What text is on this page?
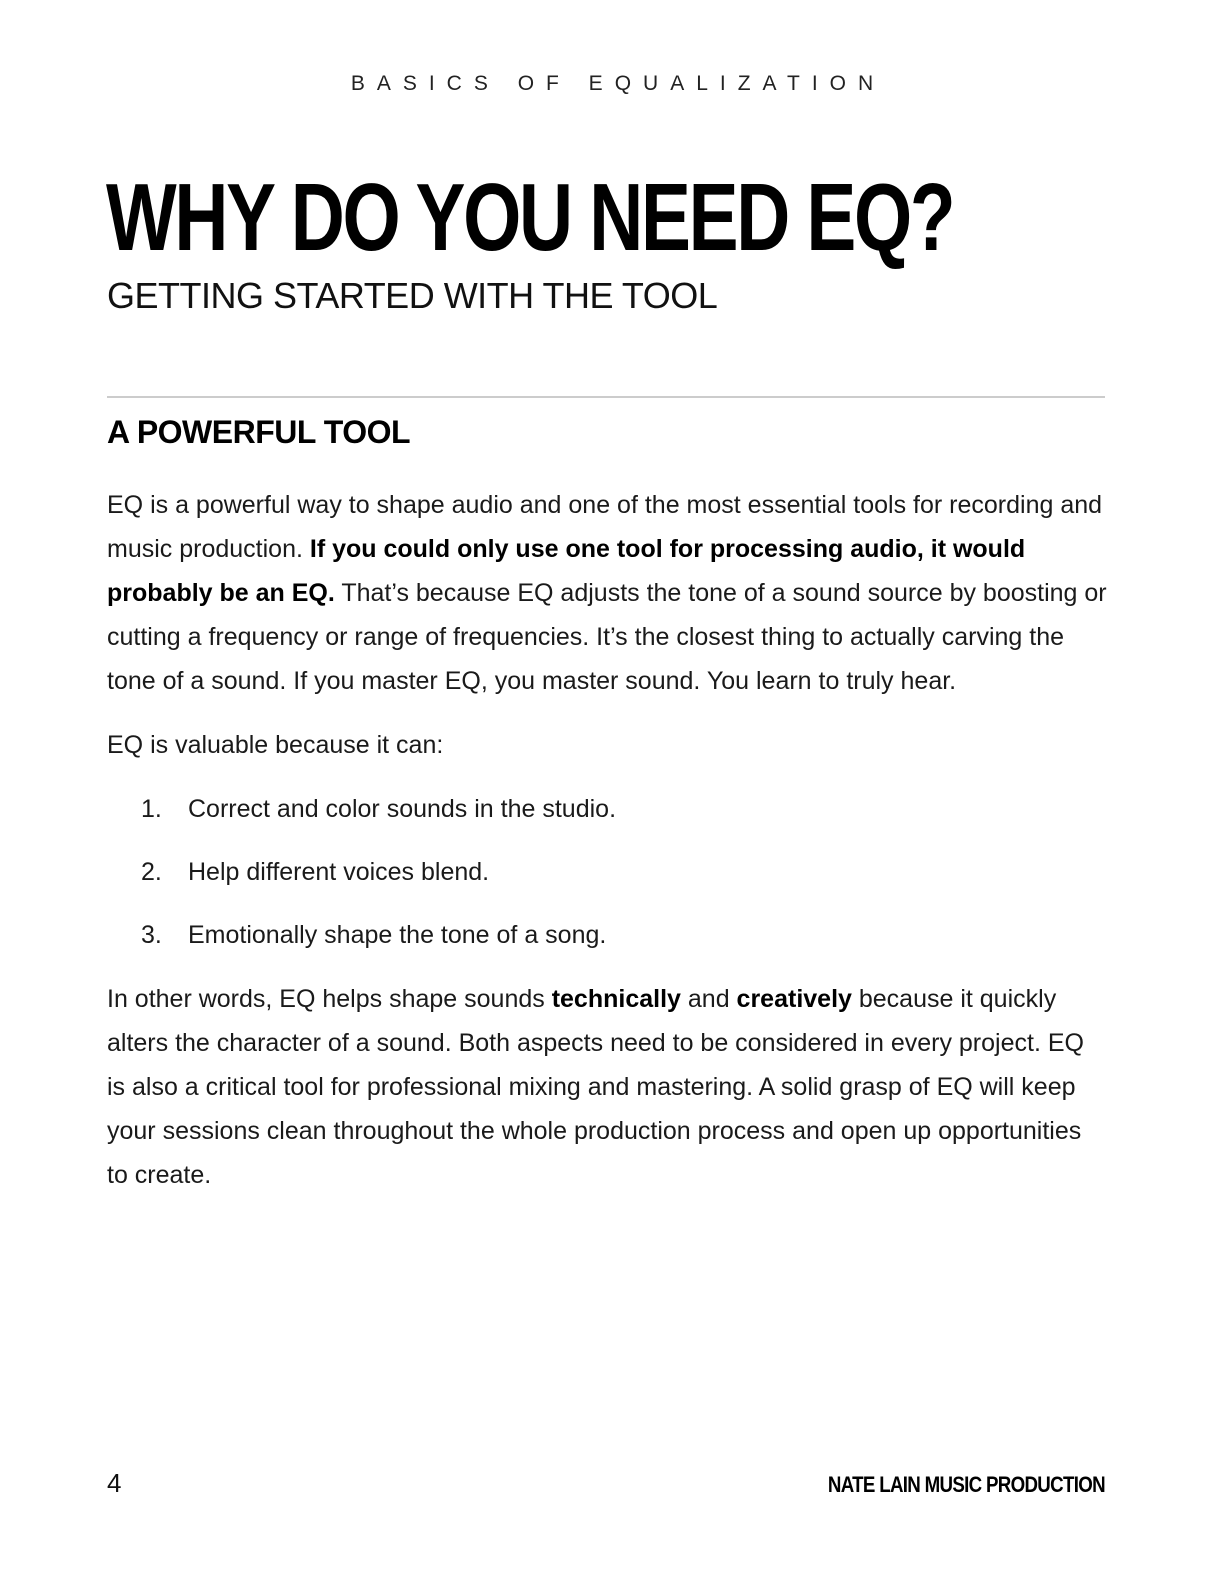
BASICS OF EQUALIZATION
WHY DO YOU NEED EQ?
GETTING STARTED WITH THE TOOL
A POWERFUL TOOL

EQ is a powerful way to shape audio and one of the most essential tools for recording and music production. If you could only use one tool for processing audio, it would probably be an EQ. That’s because EQ adjusts the tone of a sound source by boosting or cutting a frequency or range of frequencies. It’s the closest thing to actually carving the tone of a sound. If you master EQ, you master sound. You learn to truly hear.

EQ is valuable because it can:

1. Correct and color sounds in the studio.
2. Help different voices blend.
3. Emotionally shape the tone of a song.

In other words, EQ helps shape sounds technically and creatively because it quickly alters the character of a sound. Both aspects need to be considered in every project. EQ is also a critical tool for professional mixing and mastering. A solid grasp of EQ will keep your sessions clean throughout the whole production process and open up opportunities to create.

4	NATE LAIN MUSIC PRODUCTION
